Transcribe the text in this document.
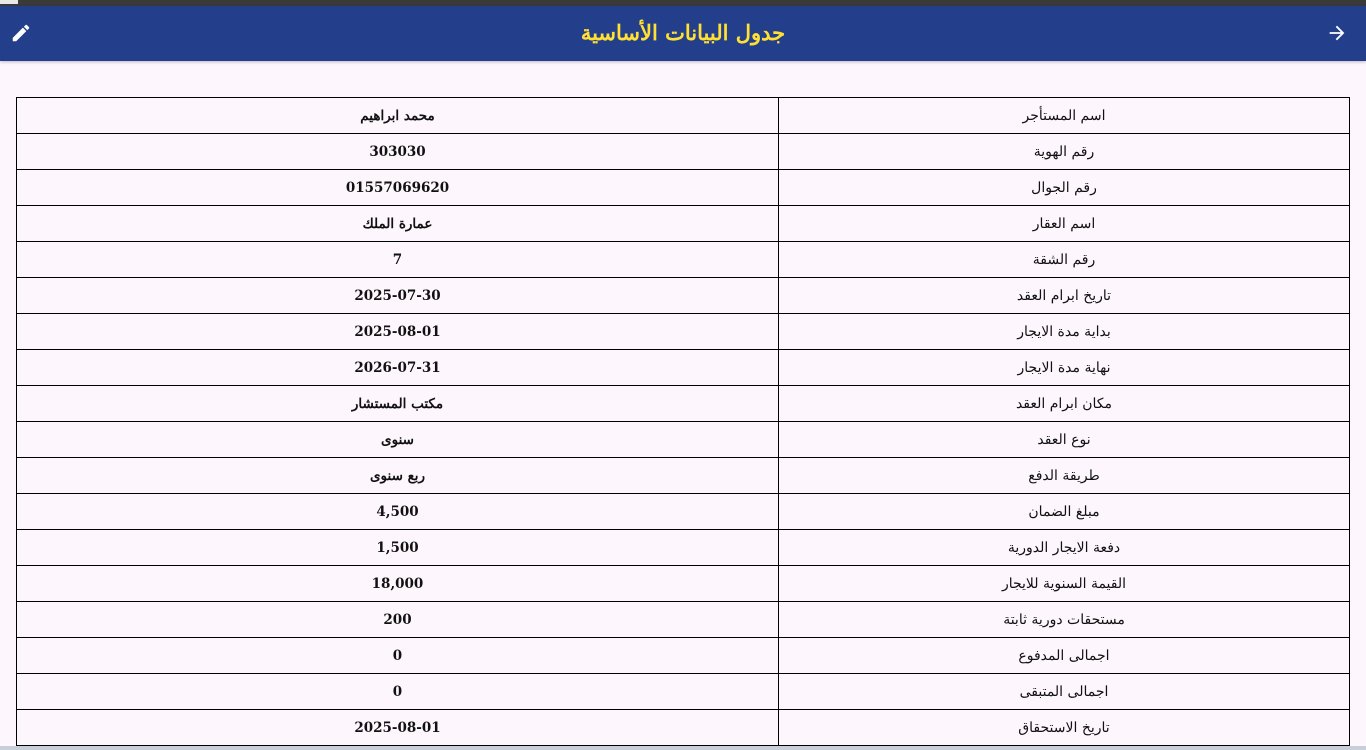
جدول البيانات الأساسية
اسم المستأجر	محمد ابراهيم
رقم الهوية	303030
رقم الجوال	01557069620
اسم العقار	عمارة الملك
رقم الشقة	7
تاريخ ابرام العقد	2025-07-30
بداية مدة الايجار	2025-08-01
نهاية مدة الايجار	2026-07-31
مكان ابرام العقد	مكتب المستشار
نوع العقد	سنوى
طريقة الدفع	ربع سنوى
مبلغ الضمان	4,500
دفعة الايجار الدورية	1,500
القيمة السنوية للايجار	18,000
مستحقات دورية ثابتة	200
اجمالى المدفوع	0
اجمالى المتبقى	0
تاريخ الاستحقاق	2025-08-01
